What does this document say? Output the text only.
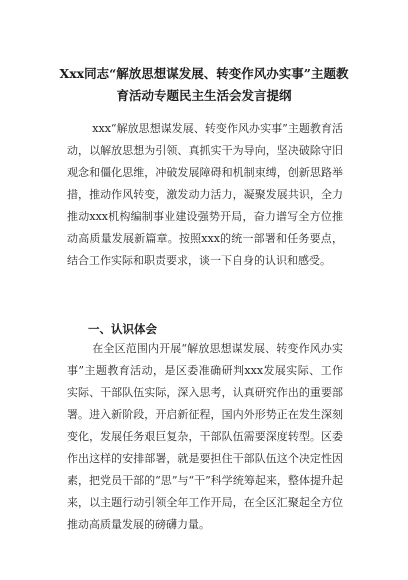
Xxx同志“解放思想谋发展、转变作风办实事”主题教育活动专题民主生活会发言提纲

xxx“解放思想谋发展、转变作风办实事”主题教育活动，以解放思想为引领、真抓实干为导向，坚决破除守旧观念和僵化思维，冲破发展障碍和机制束缚，创新思路举措，推动作风转变，激发动力活力，凝聚发展共识，全力推动xxx机构编制事业建设强势开局，奋力谱写全方位推动高质量发展新篇章。按照xxx的统一部署和任务要点，结合工作实际和职责要求，谈一下自身的认识和感受。

一、认识体会

在全区范围内开展“解放思想谋发展、转变作风办实事”主题教育活动，是区委准确研判xxx发展实际、工作实际、干部队伍实际，深入思考，认真研究作出的重要部署。进入新阶段，开启新征程，国内外形势正在发生深刻变化，发展任务艰巨复杂，干部队伍需要深度转型。区委作出这样的安排部署，就是要担住干部队伍这个决定性因素，把党员干部的“思”与“干”科学统筹起来，整体提升起来，以主题行动引领全年工作开局，在全区汇聚起全方位推动高质量发展的磅礴力量。
